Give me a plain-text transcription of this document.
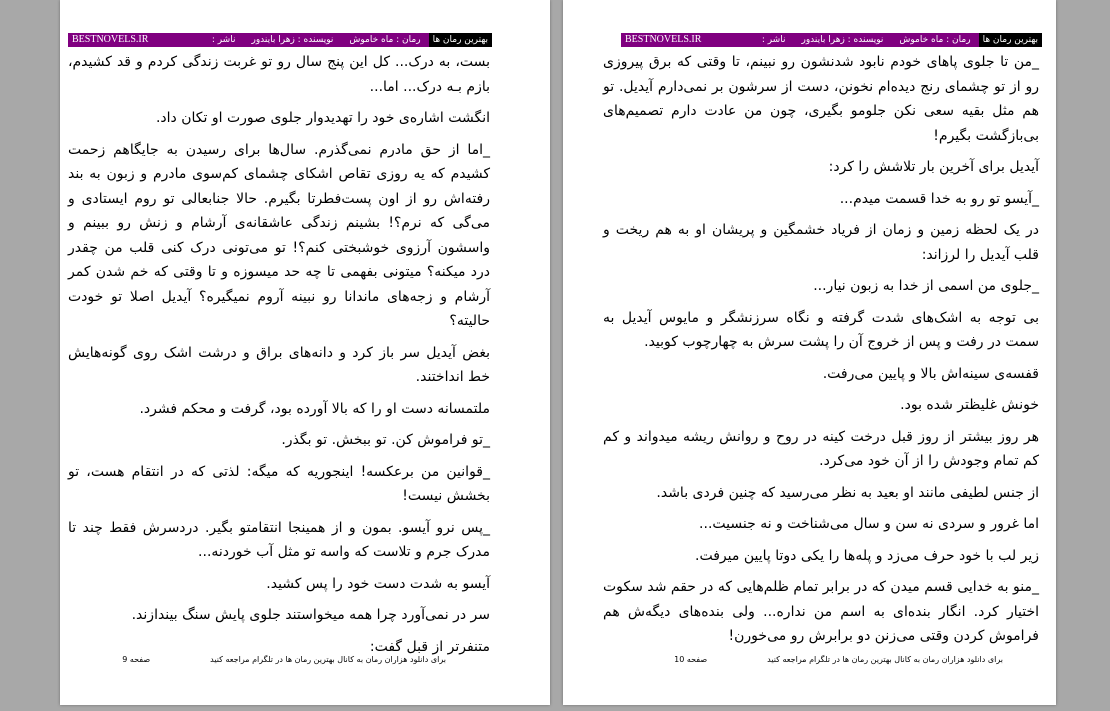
بهترین رمان ها
رمان : ماه خاموش
نویسنده : زهرا بایندور
ناشر :
BESTNOVELS.IR

بست، به درک... کل این پنج سال رو تو غربت زندگی کردم و قد کشیدم، بازم بـه درک... اما...

انگشت اشاره‌ی خود را تهدیدوار جلوی صورت او تکان داد.

_اما از حق مادرم نمی‌گذرم. سال‌ها برای رسیدن به جایگاهم زحمت کشیدم که یه روزی تقاص اشکای چشمای کم‌سوی مادرم و زبون به بند رفته‌اش رو از اون پست‌فطرتا بگیرم. حالا جنابعالی تو روم ایستادی و می‌گی که نرم؟! بشینم زندگی عاشقانه‌ی آرشام و زنش رو ببینم و واسشون آرزوی خوشبختی کنم؟! تو می‌تونی درک کنی قلب من چقدر درد میکنه؟ میتونی بفهمی تا چه حد میسوزه و تا وقتی که خم شدن کمر آرشام و زجه‌های ماندانا رو نبینه آروم نمیگیره؟ آیدیل اصلا تو خودت حالیته؟

بغض آیدیل سر باز کرد و دانه‌های براق و درشت اشک روی گونه‌هایش خط انداختند.

ملتمسانه دست او را که بالا آورده بود، گرفت و محکم فشرد.

_تو فراموش کن. تو ببخش. تو بگذر.

_قوانین من برعکسه! اینجوریه که میگه: لذتی که در انتقام هست، تو بخشش نیست!

_پس نرو آیسو. بمون و از همینجا انتقامتو بگیر. دردسرش فقط چند تا مدرک جرم و تلاست که واسه تو مثل آب خوردنه...

آیسو به شدت دست خود را پس کشید.

سر در نمی‌آورد چرا همه میخواستند جلوی پایش سنگ بیندازند.

متنفرتر از قبل گفت:

برای دانلود هزاران رمان به کانال بهترین رمان ها در تلگرام مراجعه کنید
صفحه 9
بهترین رمان ها
رمان : ماه خاموش
نویسنده : زهرا بایندور
ناشر :
BESTNOVELS.IR

_من تا جلوی پاهای خودم نابود شدنشون رو نبینم، تا وقتی که برق پیروزی رو از تو چشمای رنج دیده‌ام نخونن، دست از سرشون بر نمی‌دارم آیدیل. تو هم مثل بقیه سعی نکن جلومو بگیری، چون من عادت دارم تصمیم‌های بی‌بازگشت بگیرم!

آیدیل برای آخرین بار تلاشش را کرد:

_آیسو تو رو به خدا قسمت میدم...

در یک لحظه زمین و زمان از فریاد خشمگین و پریشان او به هم ریخت و قلب آیدیل را لرزاند:

_جلوی من اسمی از خدا به زبون نیار...

بی توجه به اشک‌های شدت گرفته و نگاه سرزنشگر و مایوس آیدیل به سمت در رفت و پس از خروج آن را پشت سرش به چهارچوب کوبید.

قفسه‌ی سینه‌اش بالا و پایین می‌رفت.

خونش غلیظتر شده بود.

هر روز بیشتر از روز قبل درخت کینه در روح و روانش ریشه میدواند و کم کم تمام وجودش را از آن خود می‌کرد.

از جنس لطیفی مانند او بعید به نظر می‌رسید که چنین فردی باشد.

اما غرور و سردی نه سن و سال می‌شناخت و نه جنسیت...

زیر لب با خود حرف می‌زد و پله‌ها را یکی دوتا پایین میرفت.

_منو به خدایی قسم میدن که در برابر تمام ظلم‌هایی که در حقم شد سکوت اختیار کرد. انگار بنده‌ای به اسم من نداره... ولی بنده‌های دیگه‌ش هم فراموش کردن وقتی می‌زنن دو برابرش رو می‌خورن!

برای دانلود هزاران رمان به کانال بهترین رمان ها در تلگرام مراجعه کنید
صفحه 10
